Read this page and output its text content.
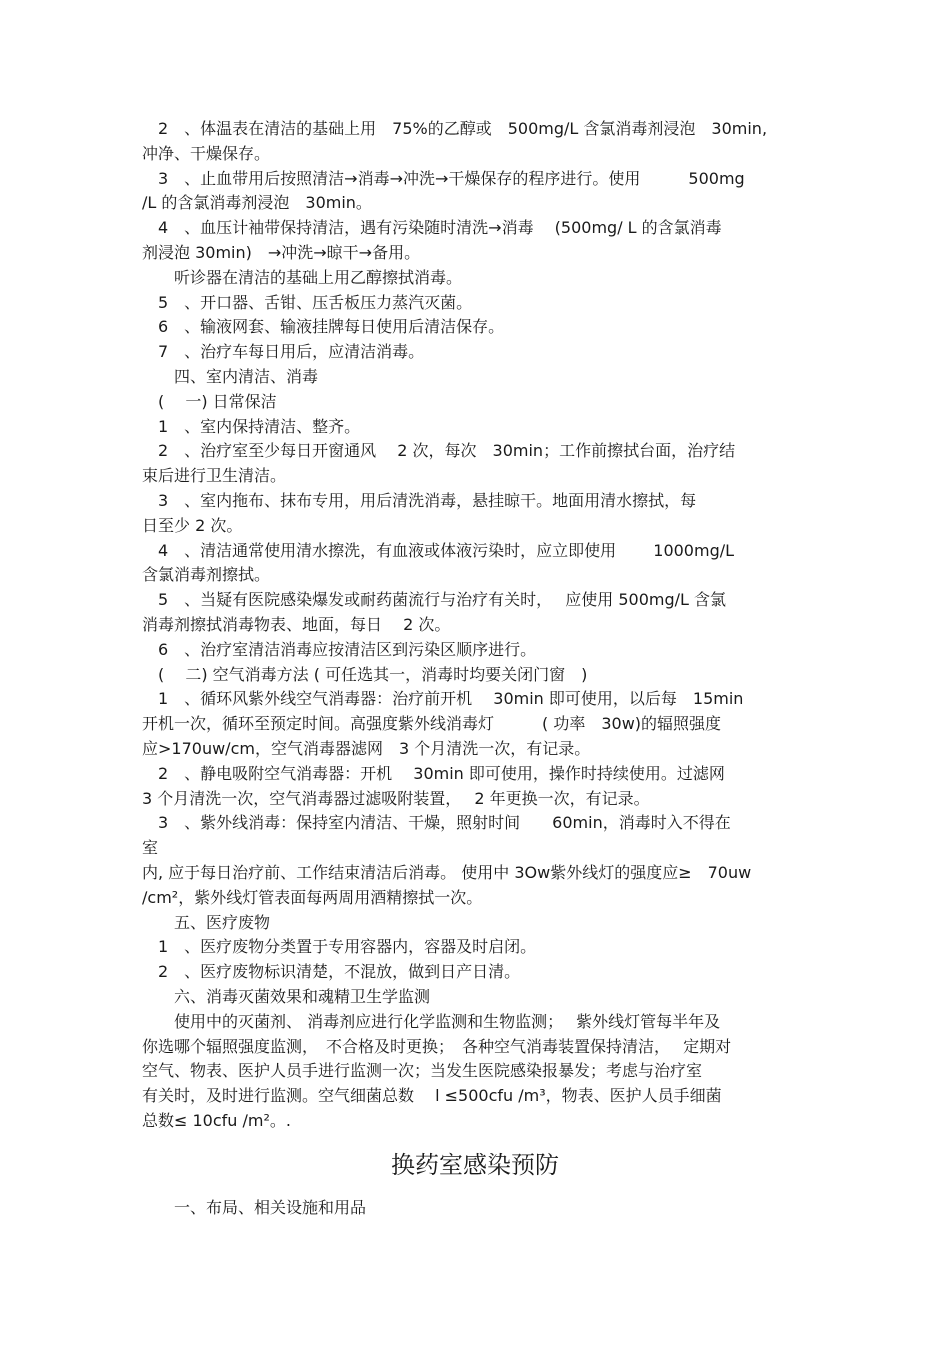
　2　、体温表在清洁的基础上用　75%的乙醇或　500mg∕L 含氯消毒剂浸泡　30min,
冲净、干燥保存。
　3　、止血带用后按照清洁→消毒→冲洗→干燥保存的程序进行。使用　　　500mg
∕L 的含氯消毒剂浸泡　30min。
　4　、血压计袖带保持清洁，遇有污染随时清洗→消毒　 (500mg∕ L 的含氯消毒
剂浸泡 30min)　→冲洗→晾干→备用。
　　听诊器在清洁的基础上用乙醇擦拭消毒。
　5　、开口器、舌钳、压舌板压力蒸汽灭菌。
　6　、输液网套、输液挂牌每日使用后清洁保存。
　7　、治疗车每日用后，应清洁消毒。
　　四、室内清洁、消毒
　(　 一) 日常保洁
　1　、室内保持清洁、整齐。
　2　、治疗室至少每日开窗通风　 2 次，每次　30min；工作前擦拭台面，治疗结
束后进行卫生清洁。
　3　、室内拖布、抹布专用，用后清洗消毒，悬挂晾干。地面用清水擦拭，每
日至少 2 次。
　4　、清洁通常使用清水擦洗，有血液或体液污染时，应立即使用　　 1000mg∕L
含氯消毒剂擦拭。
　5　、当疑有医院感染爆发或耐药菌流行与治疗有关时，　 应使用 500mg∕L 含氯
消毒剂擦拭消毒物表、地面，每日　 2 次。
　6　、治疗室清洁消毒应按清洁区到污染区顺序进行。
　(　 二) 空气消毒方法 ( 可任选其一，消毒时均要关闭门窗　)
　1　、循环风紫外线空气消毒器：治疗前开机　 30min 即可使用，以后每　15min
开机一次，循环至预定时间。高强度紫外线消毒灯　　　( 功率　30w)的辐照强度
应>170uw∕cm，空气消毒器滤网　3 个月清洗一次，有记录。
　2　、静电吸附空气消毒器：开机　 30min 即可使用，操作时持续使用。过滤网
3 个月清洗一次，空气消毒器过滤吸附装置，　 2 年更换一次，有记录。
　3　、紫外线消毒：保持室内清洁、干燥，照射时间　　60min，消毒时入不得在
室
内, 应于每日治疗前、工作结束清洁后消毒。 使用中 3Ow紫外线灯的强度应≥　70uw
∕cm²，紫外线灯管表面每两周用酒精擦拭一次。
　　五、医疗废物
　1　、医疗废物分类置于专用容器内，容器及时启闭。
　2　、医疗废物标识清楚，不混放，做到日产日清。
　　六、消毒灭菌效果和魂精卫生学监测
　　使用中的灭菌剂、 消毒剂应进行化学监测和生物监测；　 紫外线灯管每半年及
你选哪个辐照强度监测，　不合格及时更换；　各种空气消毒装置保持清洁，　 定期对
空气、物表、医护人员手进行监测一次；当发生医院感染报暴发；考虑与治疗室
有关时，及时进行监测。空气细菌总数　 l ≤500cfu ∕m³，物表、医护人员手细菌
总数≤ 10cfu ∕m²。.
换药室感染预防
　　一、布局、相关设施和用品
